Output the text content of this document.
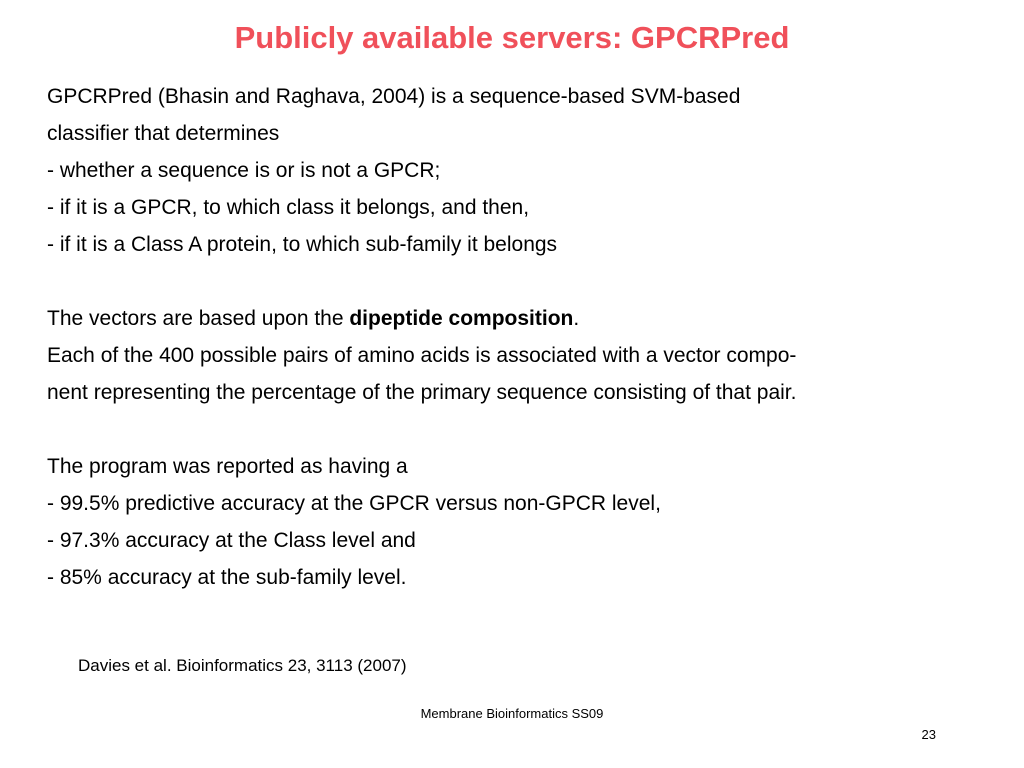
Publicly available servers: GPCRPred
GPCRPred (Bhasin and Raghava, 2004) is a sequence-based SVM-based
classifier that determines
- whether a sequence is or is not a GPCR;
- if it is a GPCR, to which class it belongs, and then,
- if it is a Class A protein, to which sub-family it belongs
The vectors are based upon the dipeptide composition.
Each of the 400 possible pairs of amino acids is associated with a vector compo-
nent representing the percentage of the primary sequence consisting of that pair.
The program was reported as having a
- 99.5% predictive accuracy at the GPCR versus non-GPCR level,
- 97.3% accuracy at the Class level and
- 85% accuracy at the sub-family level.
Davies et al. Bioinformatics 23, 3113 (2007)
Membrane Bioinformatics SS09
23
